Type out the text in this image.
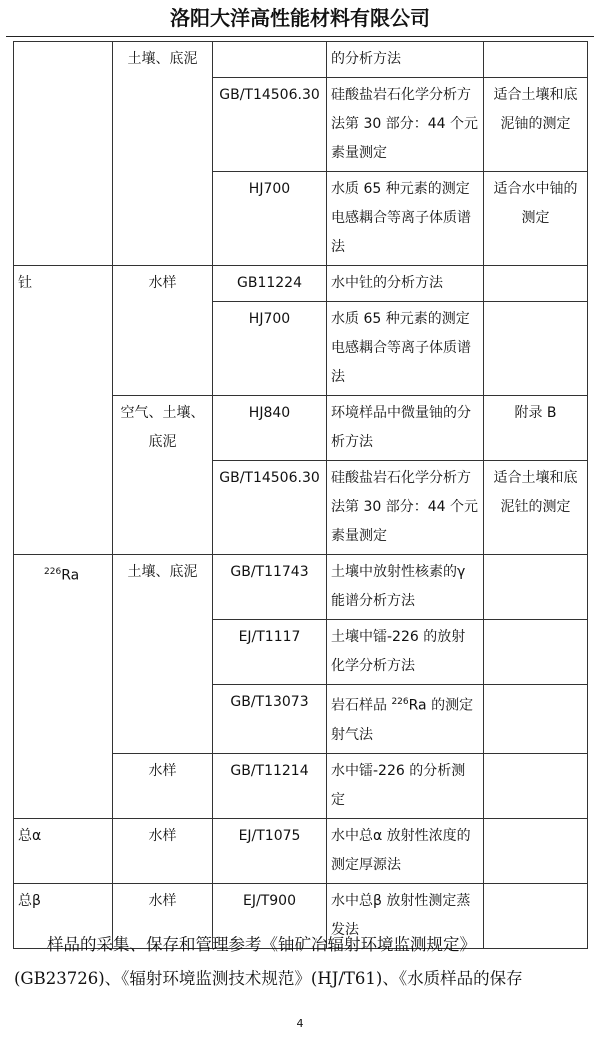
洛阳大洋高性能材料有限公司
	土壤、底泥		的分析方法	
		GB/T14506.30	硅酸盐岩石化学分析方法第 30 部分：44 个元素量测定	适合土壤和底泥铀的测定
		HJ700	水质 65 种元素的测定电感耦合等离子体质谱法	适合水中铀的测定
钍	水样	GB11224	水中钍的分析方法	
		HJ700	水质 65 种元素的测定电感耦合等离子体质谱法	
	空气、土壤、底泥	HJ840	环境样品中微量铀的分析方法	附录 B
		GB/T14506.30	硅酸盐岩石化学分析方法第 30 部分：44 个元素量测定	适合土壤和底泥钍的测定
$^{226}$Ra	土壤、底泥	GB/T11743	土壤中放射性核素的γ 能谱分析方法	
		EJ/T1117	土壤中镭-226 的放射化学分析方法	
		GB/T13073	岩石样品 $^{226}$Ra 的测定射气法	
	水样	GB/T11214	水中镭-226 的分析测定	
总α	水样	EJ/T1075	水中总α 放射性浓度的测定厚源法	
总β	水样	EJ/T900	水中总β 放射性测定蒸发法	
样品的采集、保存和管理参考《铀矿冶辐射环境监测规定》
(GB23726)、《辐射环境监测技术规范》(HJ/T61)、《水质样品的保存
4
